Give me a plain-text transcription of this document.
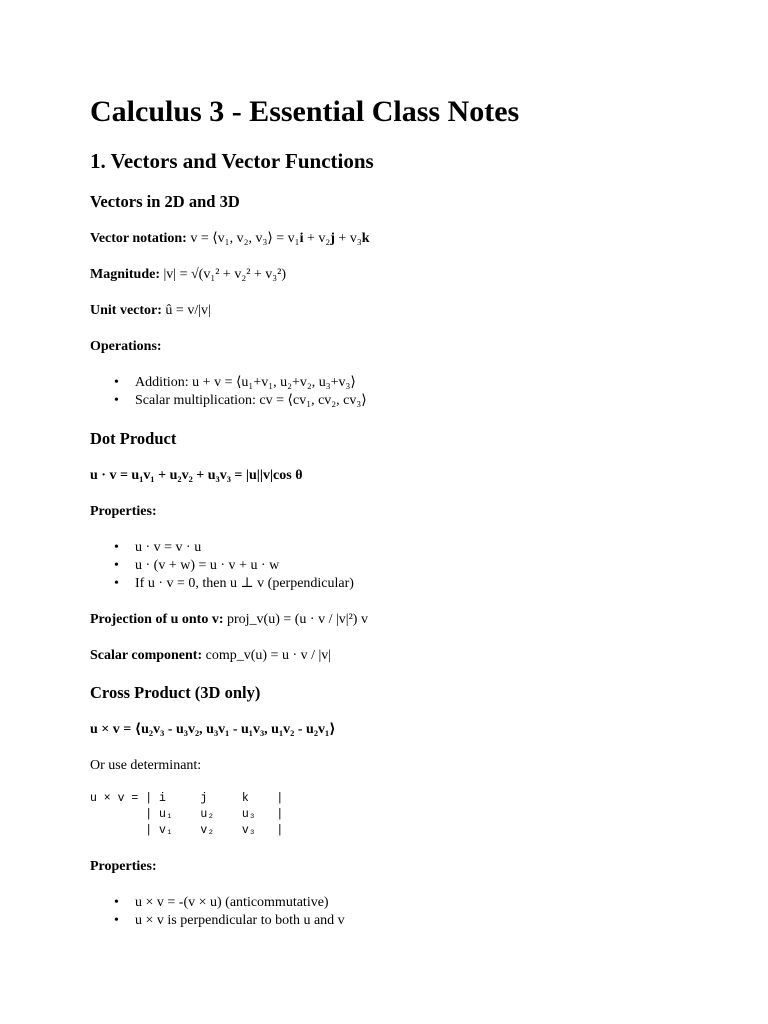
Calculus 3 - Essential Class Notes
1. Vectors and Vector Functions
Vectors in 2D and 3D
Vector notation: v = ⟨v₁, v₂, v₃⟩ = v₁i + v₂j + v₃k
Magnitude: |v| = √(v₁² + v₂² + v₃²)
Unit vector: û = v/|v|
Operations:
• Addition: u + v = ⟨u₁+v₁, u₂+v₂, u₃+v₃⟩
• Scalar multiplication: cv = ⟨cv₁, cv₂, cv₃⟩
Dot Product
u · v = u₁v₁ + u₂v₂ + u₃v₃ = |u||v|cos θ
Properties:
• u · v = v · u
• u · (v + w) = u · v + u · w
• If u · v = 0, then u ⊥ v (perpendicular)
Projection of u onto v: proj_v(u) = (u · v / |v|²) v
Scalar component: comp_v(u) = u · v / |v|
Cross Product (3D only)
u × v = ⟨u₂v₃ - u₃v₂, u₃v₁ - u₁v₃, u₁v₂ - u₂v₁⟩
Or use determinant:
u × v = | i     j     k    |
| u₁    u₂    u₃   |
| v₁    v₂    v₃   |
Properties:
• u × v = -(v × u) (anticommutative)
• u × v is perpendicular to both u and v
